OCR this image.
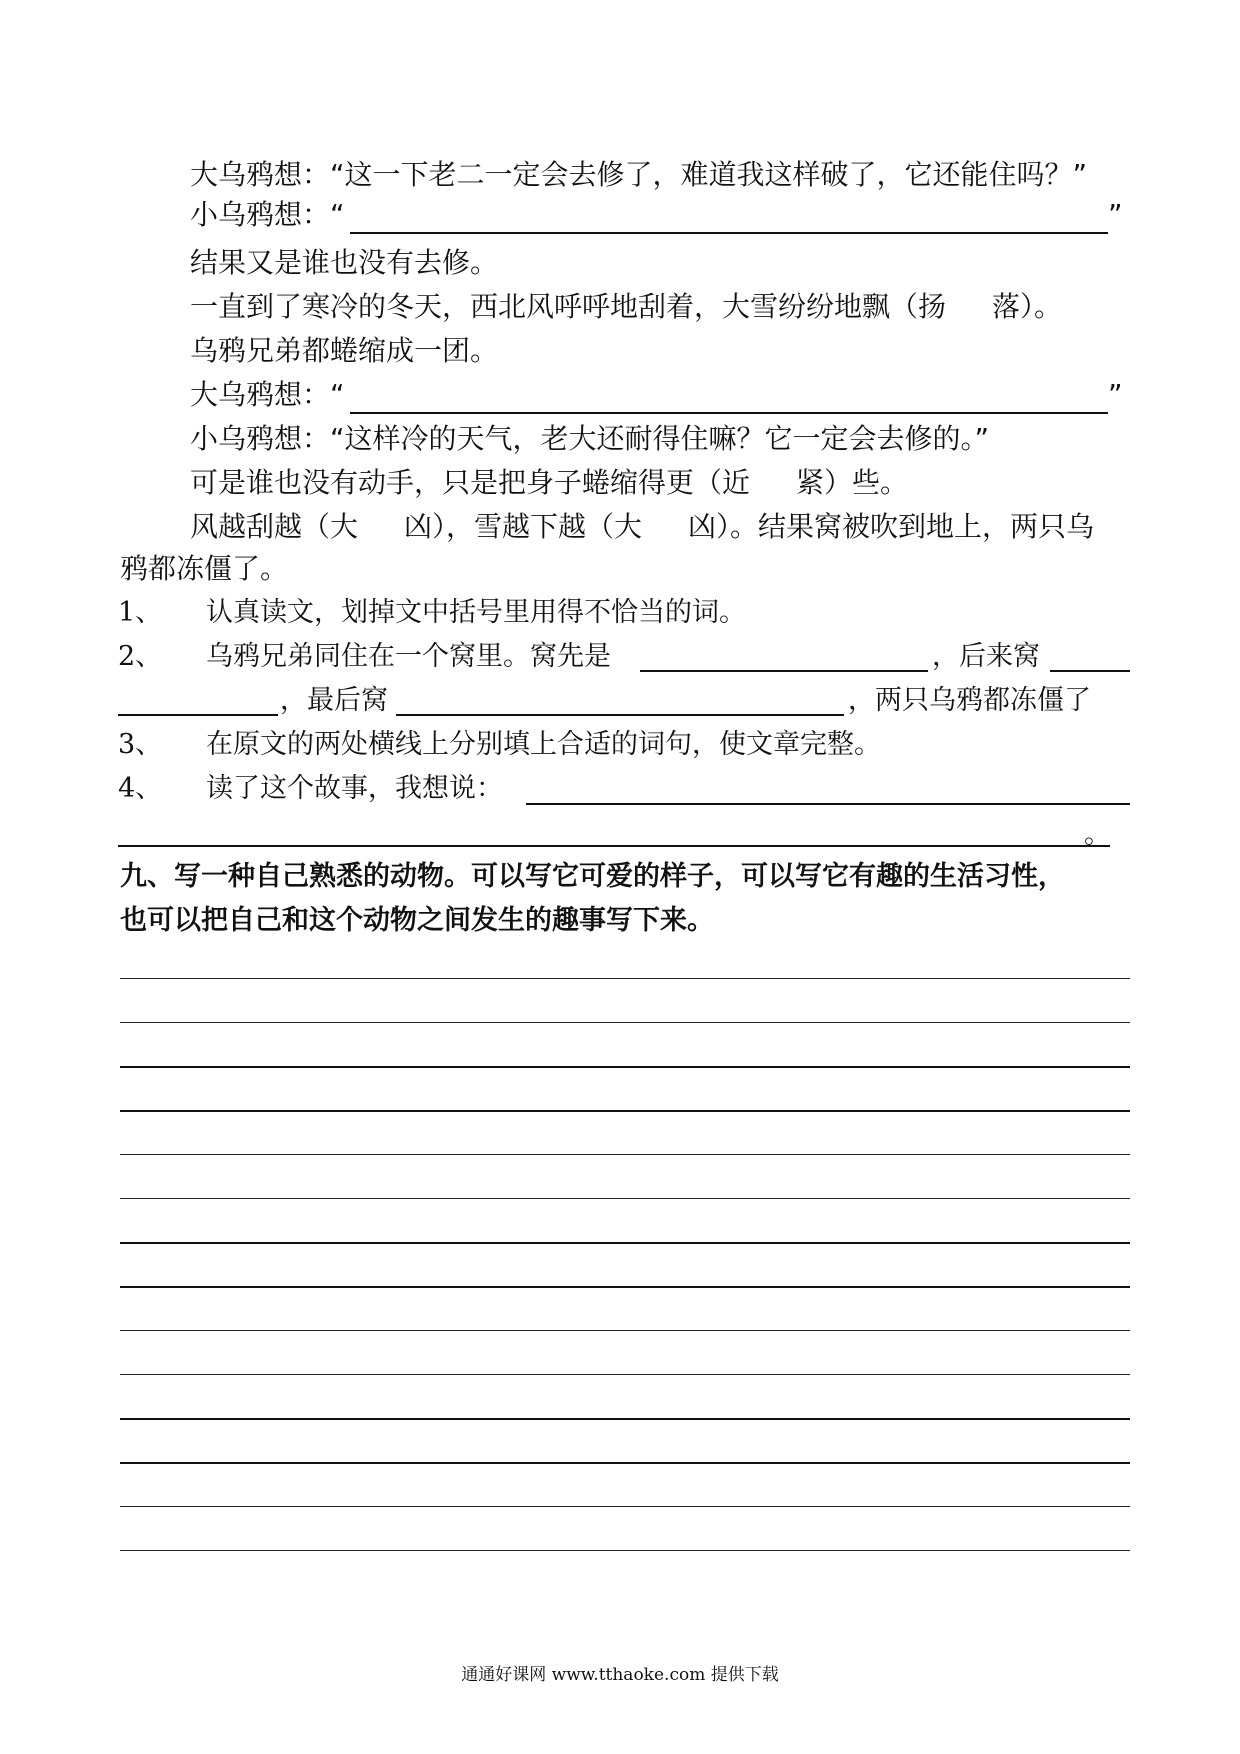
大乌鸦想：“这一下老二一定会去修了，难道我这样破了，它还能住吗？”
小乌鸦想：“	”
结果又是谁也没有去修。
一直到了寒冷的冬天，西北风呼呼地刮着，大雪纷纷地飘（扬 落）。
乌鸦兄弟都蜷缩成一团。
大乌鸦想：“	”
小乌鸦想：“这样冷的天气，老大还耐得住嘛？它一定会去修的。”
可是谁也没有动手，只是把身子蜷缩得更（近 紧）些。
风越刮越（大 凶），雪越下越（大 凶）。结果窝被吹到地上，两只乌
鸦都冻僵了。
1、 认真读文，划掉文中括号里用得不恰当的词。
2、 乌鸦兄弟同住在一个窝里。窝先是	，后来窝
，最后窝	，两只乌鸦都冻僵了
3、 在原文的两处横线上分别填上合适的词句，使文章完整。
4、 读了这个故事，我想说：
。
九、写一种自己熟悉的动物。可以写它可爱的样子，可以写它有趣的生活习性，
也可以把自己和这个动物之间发生的趣事写下来。
通通好课网 www.tthaoke.com 提供下载
